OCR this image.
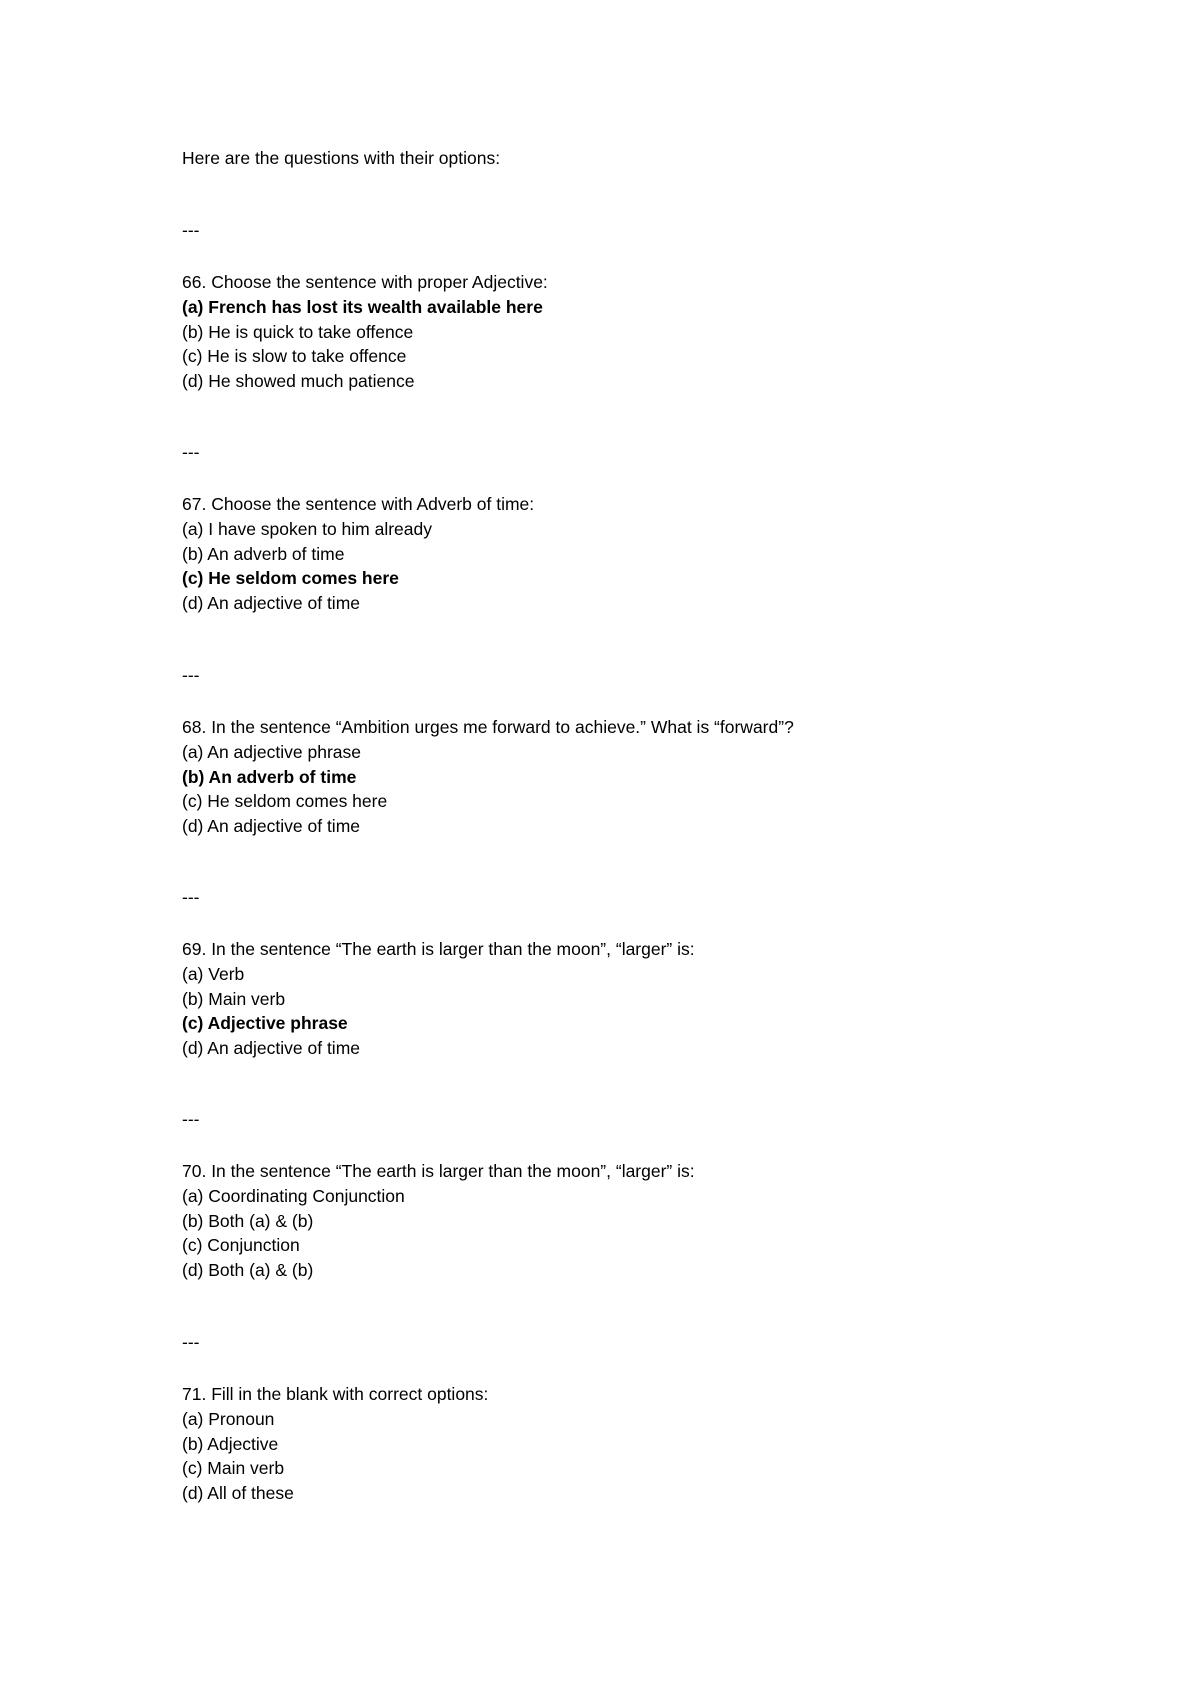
Here are the questions with their options:
---
66. Choose the sentence with proper Adjective:
(a) French has lost its wealth available here
(b) He is quick to take offence
(c) He is slow to take offence
(d) He showed much patience
---
67. Choose the sentence with Adverb of time:
(a) I have spoken to him already
(b) An adverb of time
(c) He seldom comes here
(d) An adjective of time
---
68. In the sentence “Ambition urges me forward to achieve.” What is “forward”?
(a) An adjective phrase
(b) An adverb of time
(c) He seldom comes here
(d) An adjective of time
---
69. In the sentence “The earth is larger than the moon”, “larger” is:
(a) Verb
(b) Main verb
(c) Adjective phrase
(d) An adjective of time
---
70. In the sentence “The earth is larger than the moon”, “larger” is:
(a) Coordinating Conjunction
(b) Both (a) & (b)
(c) Conjunction
(d) Both (a) & (b)
---
71. Fill in the blank with correct options:
(a) Pronoun
(b) Adjective
(c) Main verb
(d) All of these
